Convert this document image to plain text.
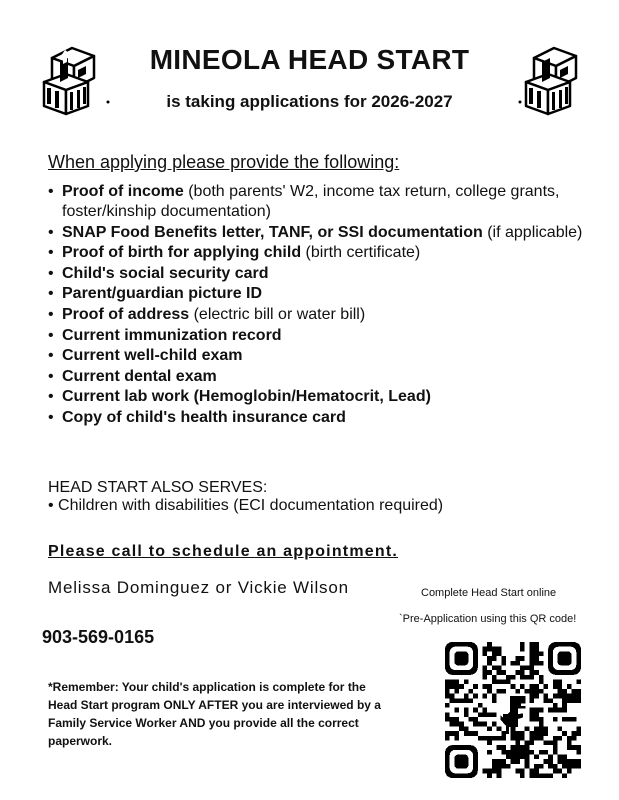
MINEOLA HEAD START
is taking applications for 2026-2027
When applying please provide the following:
• Proof of income (both parents' W2, income tax return, college grants, foster/kinship documentation)
• SNAP Food Benefits letter, TANF, or SSI documentation (if applicable)
• Proof of birth for applying child (birth certificate)
• Child's social security card
• Parent/guardian picture ID
• Proof of address (electric bill or water bill)
• Current immunization record
• Current well-child exam
• Current dental exam
• Current lab work (Hemoglobin/Hematocrit, Lead)
• Copy of child's health insurance card
HEAD START ALSO SERVES:
• Children with disabilities (ECI documentation required)
Please call to schedule an appointment.
Melissa Dominguez or Vickie Wilson	Complete Head Start online
`Pre-Application using this QR code!
903-569-0165
*Remember: Your child's application is complete for the Head Start program ONLY AFTER you are interviewed by a Family Service Worker AND you provide all the correct paperwork.
